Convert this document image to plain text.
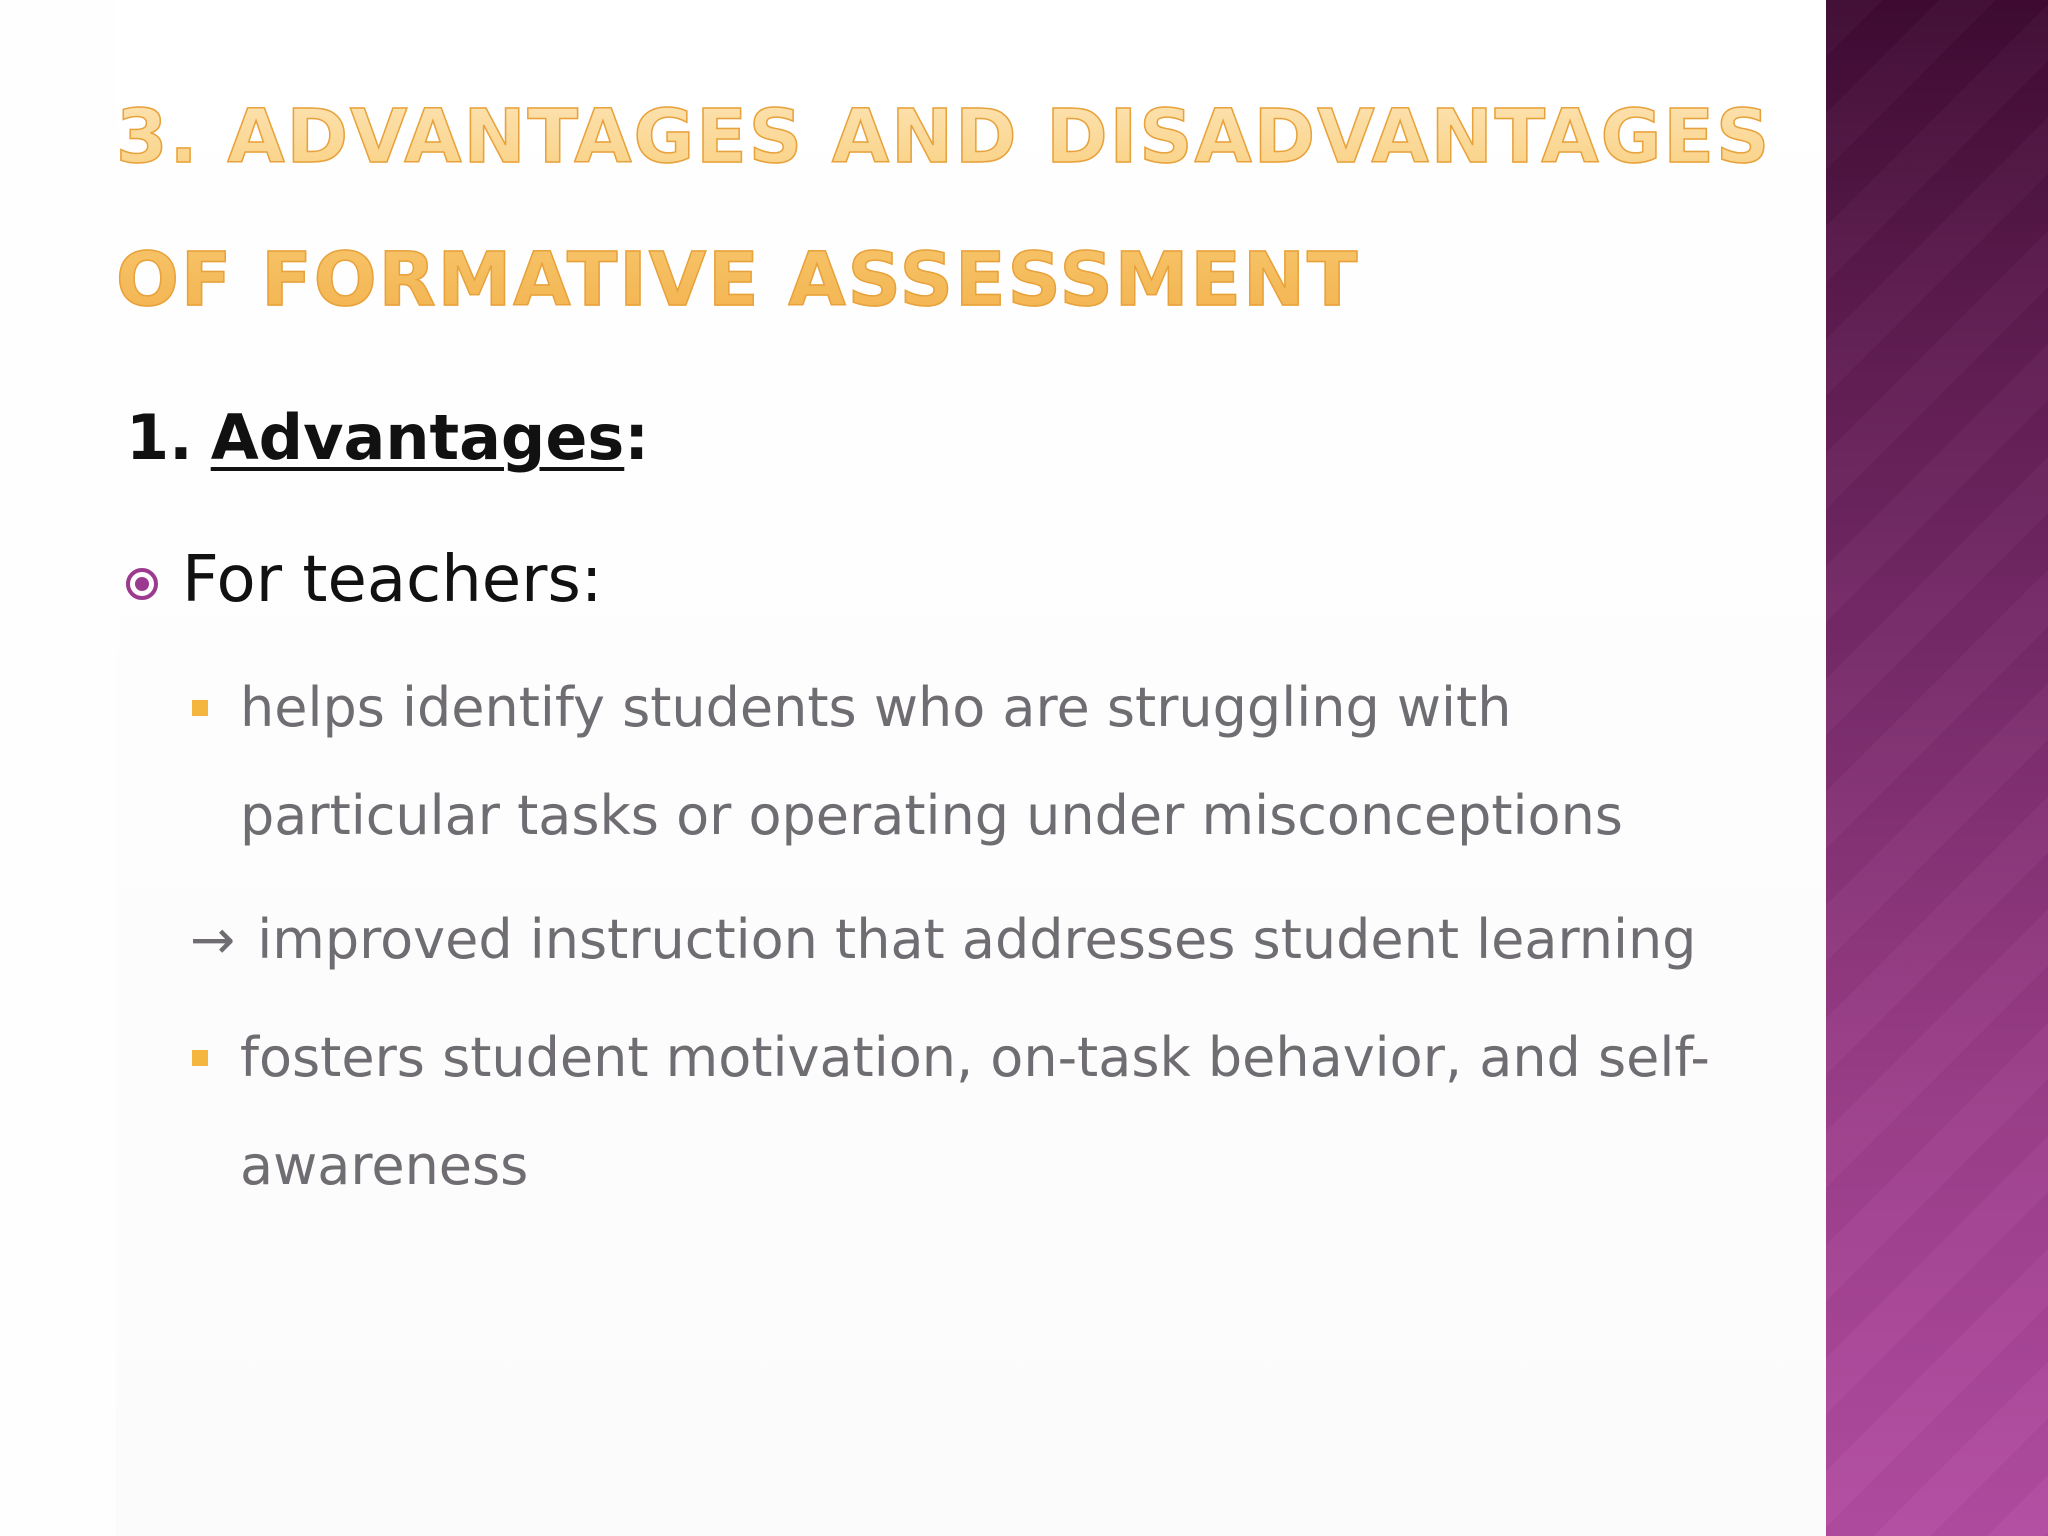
3. ADVANTAGES AND DISADVANTAGES OF FORMATIVE ASSESSMENT
1. Advantages:
For teachers:
helps identify students who are struggling with particular tasks or operating under misconceptions
→ improved instruction that addresses student learning
fosters student motivation, on-task behavior, and self-awareness
